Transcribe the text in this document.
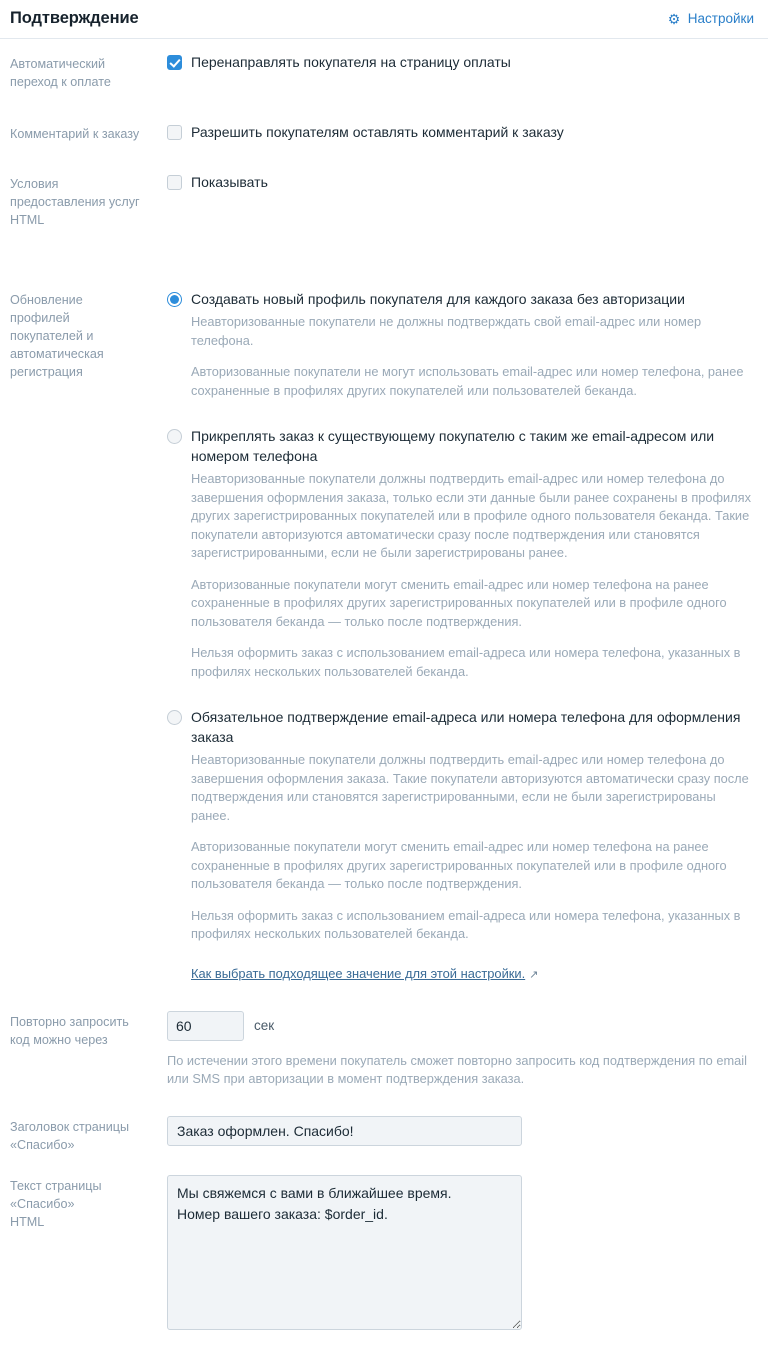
Подтверждение	⚙ Настройки
Автоматический
переход к оплате
Перенаправлять покупателя на страницу оплаты
Комментарий к заказу	Разрешить покупателям оставлять комментарий к заказу
Условия
предоставления услуг
HTML
Показывать
Обновление
профилей
покупателей и
автоматическая
регистрация
Создавать новый профиль покупателя для каждого заказа без авторизации
Неавторизованные покупатели не должны подтверждать свой email-адрес или номер телефона.
Авторизованные покупатели не могут использовать email-адрес или номер телефона, ранее сохраненные в профилях других покупателей или пользователей беканда.
Прикреплять заказ к существующему покупателю с таким же email-адресом или номером телефона
Неавторизованные покупатели должны подтвердить email-адрес или номер телефона до завершения оформления заказа, только если эти данные были ранее сохранены в профилях других зарегистрированных покупателей или в профиле одного пользователя беканда. Такие покупатели авторизуются автоматически сразу после подтверждения или становятся зарегистрированными, если не были зарегистрированы ранее.
Авторизованные покупатели могут сменить email-адрес или номер телефона на ранее сохраненные в профилях других зарегистрированных покупателей или в профиле одного пользователя беканда — только после подтверждения.
Нельзя оформить заказ с использованием email-адреса или номера телефона, указанных в профилях нескольких пользователей беканда.
Обязательное подтверждение email-адреса или номера телефона для оформления заказа
Неавторизованные покупатели должны подтвердить email-адрес или номер телефона до завершения оформления заказа. Такие покупатели авторизуются автоматически сразу после подтверждения или становятся зарегистрированными, если не были зарегистрированы ранее.
Авторизованные покупатели могут сменить email-адрес или номер телефона на ранее сохраненные в профилях других зарегистрированных покупателей или в профиле одного пользователя беканда — только после подтверждения.
Нельзя оформить заказ с использованием email-адреса или номера телефона, указанных в профилях нескольких пользователей беканда.
Как выбрать подходящее значение для этой настройки. ↗
Повторно запросить
код можно через
60
сек
По истечении этого времени покупатель сможет повторно запросить код подтверждения по email или SMS при авторизации в момент подтверждения заказа.
Заголовок страницы
«Спасибо»
Заказ оформлен. Спасибо!
Текст страницы
«Спасибо»
HTML
Мы свяжемся с вами в ближайшее время. Номер вашего заказа: $order_id.
